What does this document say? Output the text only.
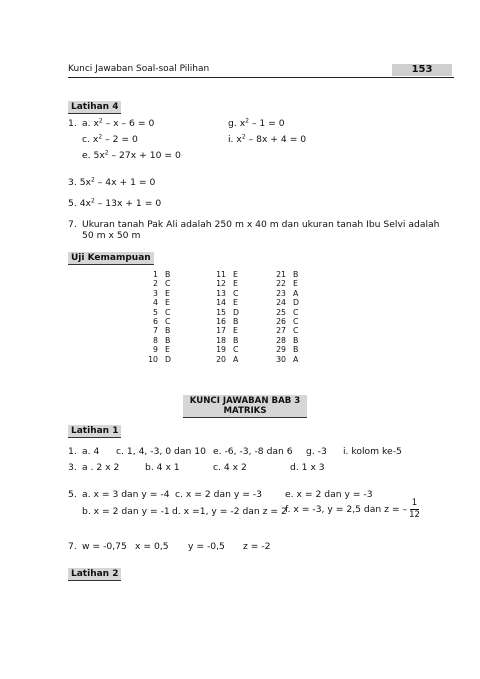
Kunci Jawaban Soal-soal Pilihan	153
Latihan 4
1. a. $x^2 - x - 6 = 0$	g. $x^2 - 1 = 0$
c. $x^2 - 2 = 0$	i. $x^2 - 8x + 4 = 0$
e. $5x^2 - 27x + 10 = 0$
3. $5x^2 - 4x + 1 = 0$
5. $4x^2 - 13x + 1 = 0$
7. Ukuran tanah Pak Ali adalah 250 m x 40 m dan ukuran tanah Ibu Selvi adalah
50 m x 50 m
Uji Kemampuan
1 B
2 C
3 E
4 E
5 C
6 C
7 B
8 B
9 E
10 D
11 E
12 E
13 C
14 E
15 D
16 B
17 E
18 B
19 C
20 A
21 B
22 E
23 A
24 D
25 C
26 C
27 C
28 B
29 B
30 A
KUNCI JAWABAN BAB 3
MATRIKS
Latihan 1
1. a. 4 c. 1, 4, -3, 0 dan 10 e. -6, -3, -8 dan 6 g. -3 i. kolom ke-5
3. a . 2 x 2	b. 4 x 1	c. 4 x 2	d. 1 x 3
5. a. x = 3 dan y = -4 c. x = 2 dan y = -3	e. x = 2 dan y = -3
b. x = 2 dan y = -1 d. x =1, y = -2 dan z = 2
f. x = -3, y = 2,5 dan z = – $\frac{1}{12}$
7. w = -0,75 x = 0,5 y = -0,5 z = -2
Latihan 2
